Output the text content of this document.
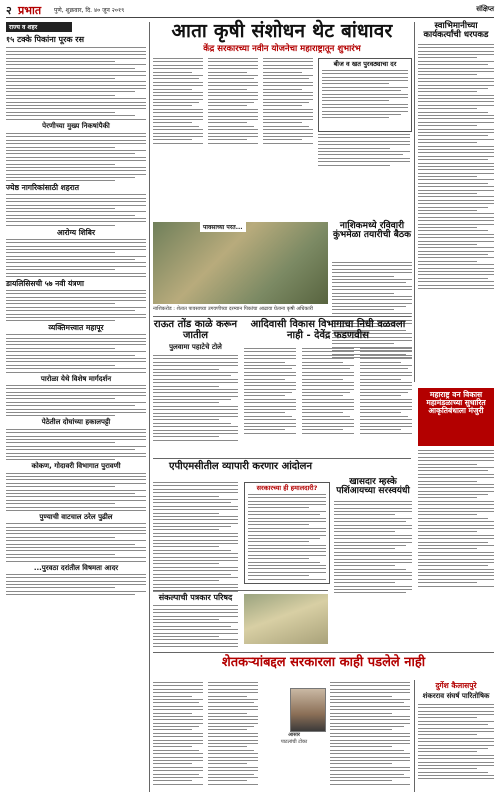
२ प्रभात पुणे, शुक्रवार, दि. ४० जून २०१९	संक्षिप्त
राज्य व शहर
१५ टक्के पिकांना पूरक रस
पेरणीच्या मुख्य निकषांपैकी
ज्येष्ठ नागरिकांसाठी शहरात
आरोग्य शिबिर
डायलिसिसची ५७ नवी यंत्रणा
व्यक्तिमत्त्वात महापूर
पारोळा येथे विशेष मार्गदर्शन
पेठेतील दोघांच्या हकालपट्टी
कोकण, गोदावरी विभागात पुरावणी
पुण्याची वाटचाल ठरेल पुढील
...पुरवठा दरांतील विषमता आदर
आता कृषी संशोधन थेट बांधावर
केंद्र सरकारच्या नवीन योजनेचा महाराष्ट्रातून शुभारंभ
बीज व खत पुरवठ्याचा दर
पावसाच्या परत...
नाशिकरोड : शेतात पावसाच्या उगवणीच्या दरम्यान पिकांचा आढावा घेताना कृषी अधिकारी
स्वाभिमानीच्या कार्यकर्त्यांची धरपकड
नाशिकमध्ये रविवारी कुंभमेळा तयारीची बैठक
राऊत तोंड काळे करून जातील
पुलवामा पहाटेचे टोले
आदिवासी विकास विभागाचा निधी वळवला नाही - देवेंद्र फडणवीस
महाराष्ट्र वन विकास महामंडळाच्या सुधारित आकृतिबंधाला मंजुरी
एपीएमसीतील व्यापारी करणार आंदोलन
सरकारच्या ही हमालदारी?
खासदार म्हस्के पशिंआयच्या सरस्वयंधी
संकल्पाची पत्रकार परिषद
शेतकऱ्यांबद्दल सरकारला काही पडलेले नाही
आसार
पाटलांची टोका
दुर्गेश कैलासपुरे
शंकरराव संघर्ष पारितोषिक
